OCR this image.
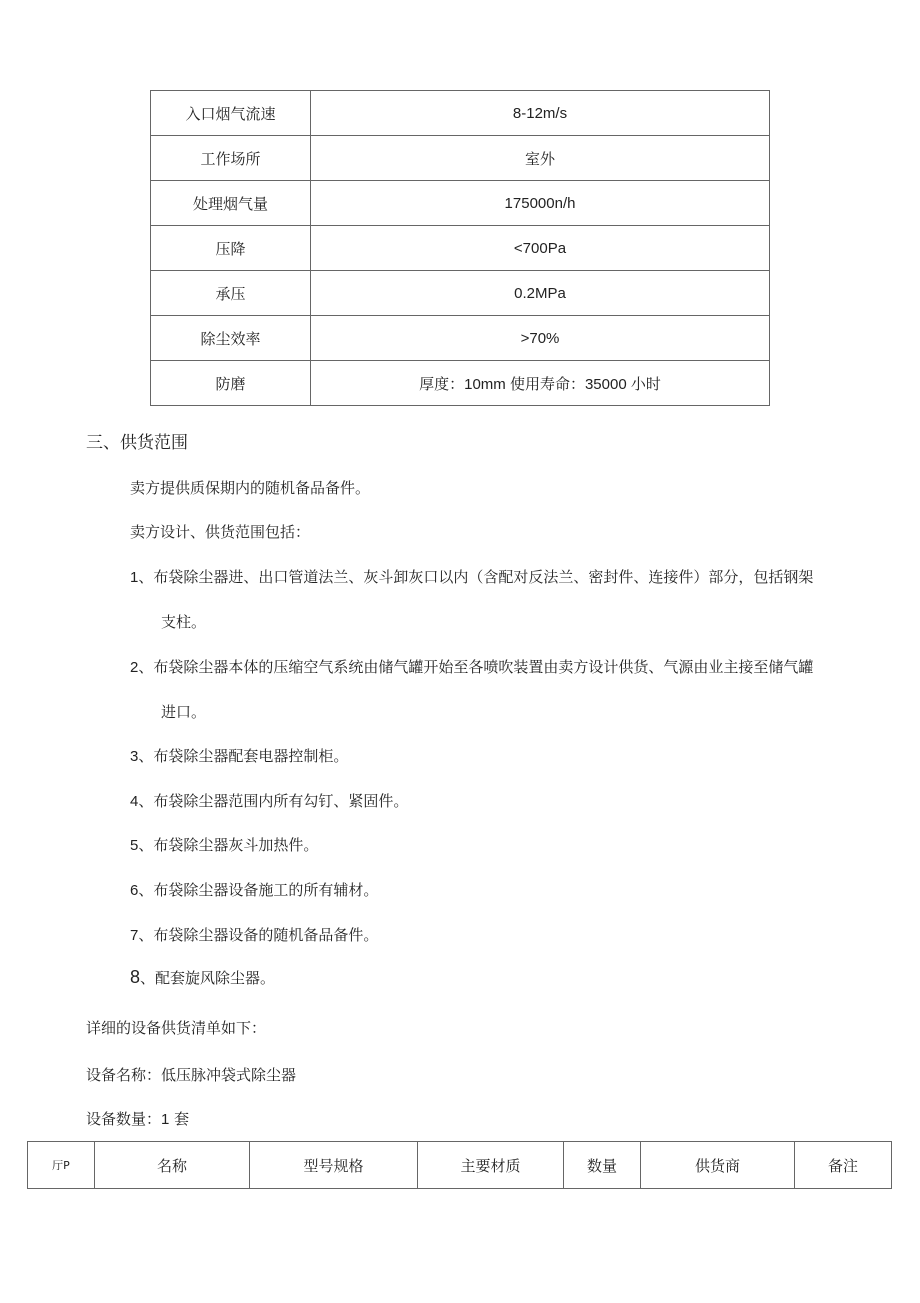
入口烟气流速	8-12m/s
工作场所	室外
处理烟气量	175000n/h
压降	<700Pa
承压	0.2MPa
除尘效率	>70%
防磨	厚度：10mm 使用寿命：35000 小时
三、供货范围
卖方提供质保期内的随机备品备件。
卖方设计、供货范围包括：
1、布袋除尘器进、出口管道法兰、灰斗卸灰口以内（含配对反法兰、密封件、连接件）部分，包括钢架
支柱。
2、布袋除尘器本体的压缩空气系统由储气罐开始至各喷吹装置由卖方设计供货、气源由业主接至储气罐
进口。
3、布袋除尘器配套电器控制柜。
4、布袋除尘器范围内所有勾钉、紧固件。
5、布袋除尘器灰斗加热件。
6、布袋除尘器设备施工的所有辅材。
7、布袋除尘器设备的随机备品备件。
8、配套旋风除尘器。
详细的设备供货清单如下：
设备名称：低压脉冲袋式除尘器
设备数量：1 套
厅P	名称	型号规格	主要材质	数量	供货商	备注
